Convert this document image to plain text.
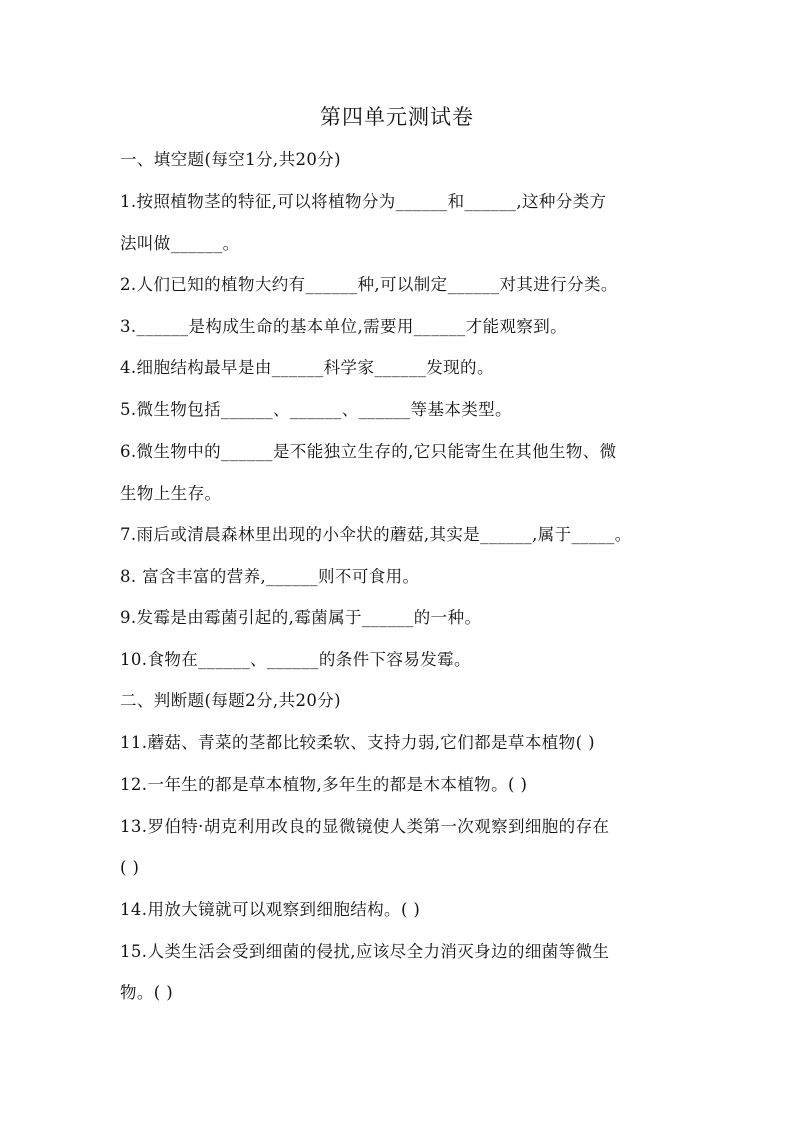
第四单元测试卷
一、填空题(每空1分,共20分)
1.按照植物茎的特征,可以将植物分为______和______,这种分类方
法叫做______。
2.人们已知的植物大约有______种,可以制定______对其进行分类。
3.______是构成生命的基本单位,需要用______才能观察到。
4.细胞结构最早是由______科学家______发现的。
5.微生物包括______、______、______等基本类型。
6.微生物中的______是不能独立生存的,它只能寄生在其他生物、微
生物上生存。
7.雨后或清晨森林里出现的小伞状的蘑菇,其实是______,属于_____。
8. 富含丰富的营养,______则不可食用。
9.发霉是由霉菌引起的,霉菌属于______的一种。
10.食物在______、______的条件下容易发霉。
二、判断题(每题2分,共20分)
11.蘑菇、青菜的茎都比较柔软、支持力弱,它们都是草本植物( )
12.一年生的都是草本植物,多年生的都是木本植物。( )
13.罗伯特·胡克利用改良的显微镜使人类第一次观察到细胞的存在
( )
14.用放大镜就可以观察到细胞结构。( )
15.人类生活会受到细菌的侵扰,应该尽全力消灭身边的细菌等微生
物。( )
